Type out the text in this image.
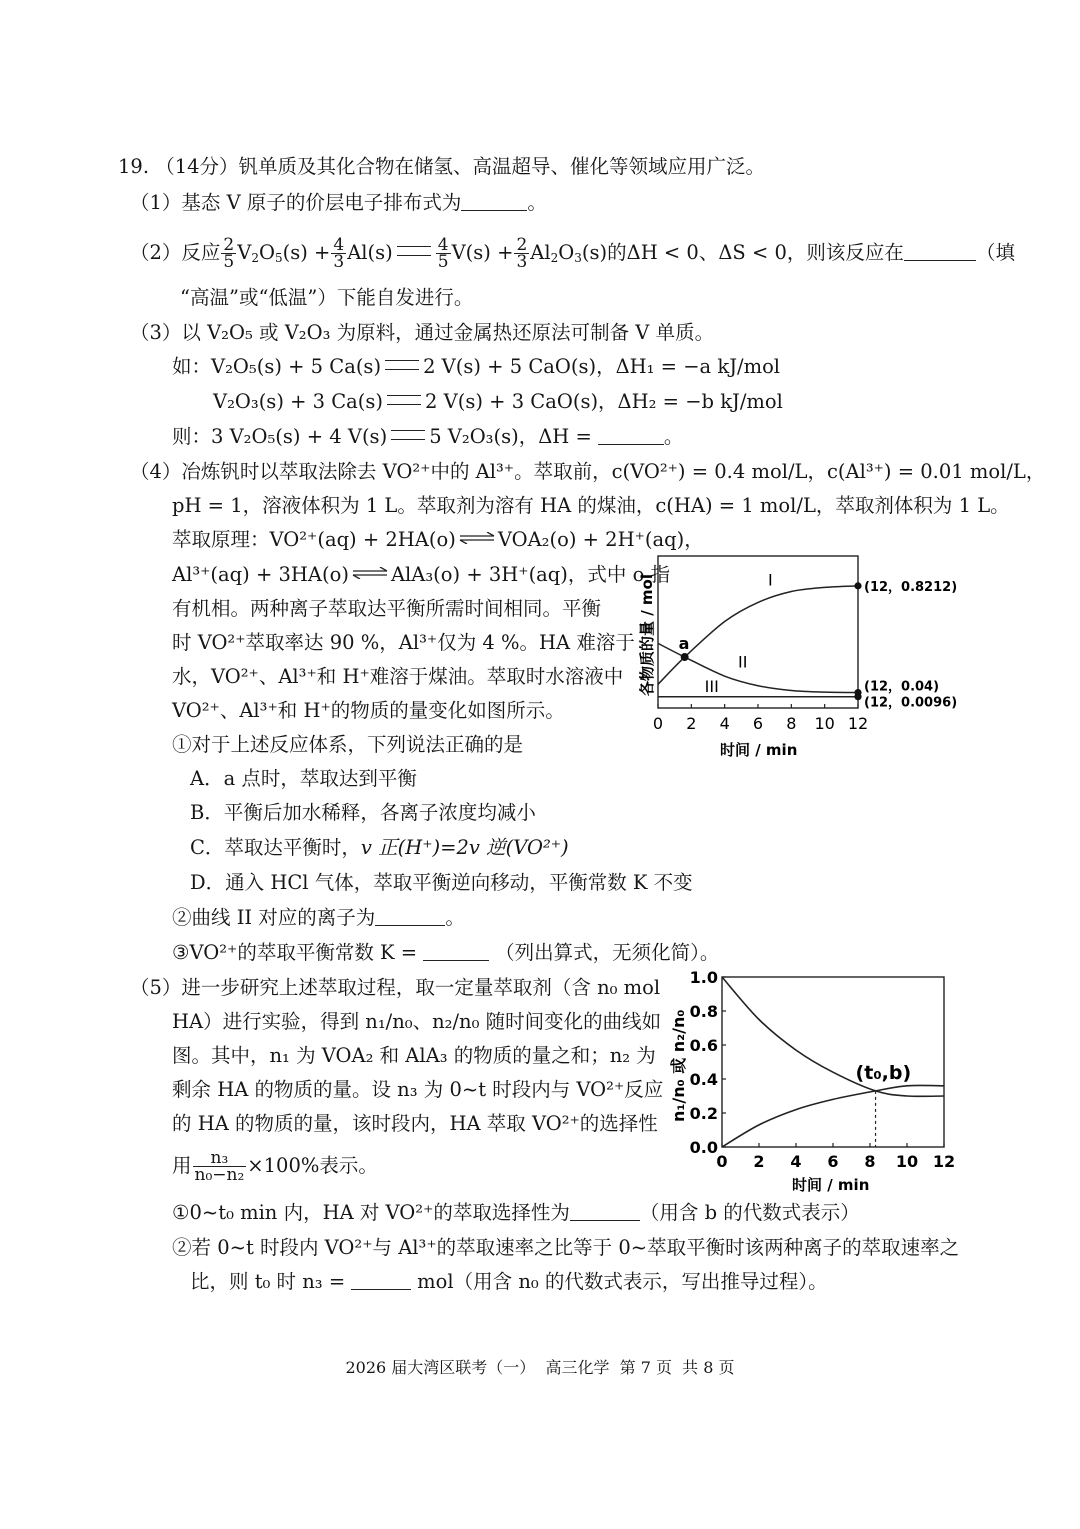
19. （14分）钒单质及其化合物在储氢、高温超导、催化等领域应用广泛。
（1）基态 V 原子的价层电子排布式为	。
（2）反应 $\frac{2}{5} V_2O_5(s) + \frac{4}{3} Al(s)$	$\frac{4}{5} V(s) + \frac{2}{3} Al_2O_3(s)$的ΔH < 0、ΔS < 0，则该反应在	（填
“高温”或“低温”）下能自发进行。
（3）以 V₂O₅ 或 V₂O₃ 为原料，通过金属热还原法可制备 V 单质。
如：V₂O₅(s) + 5 Ca(s) 2 V(s) + 5 CaO(s)，ΔH₁ = −a kJ/mol
V₂O₃(s) + 3 Ca(s) 2 V(s) + 3 CaO(s)，ΔH₂ = −b kJ/mol
则：3 V₂O₅(s) + 4 V(s) 5 V₂O₃(s)，ΔH =	。
（4）冶炼钒时以萃取法除去 VO²⁺中的 Al³⁺。萃取前，c(VO²⁺) = 0.4 mol/L，c(Al³⁺) = 0.01 mol/L，
pH = 1，溶液体积为 1 L。萃取剂为溶有 HA 的煤油，c(HA) = 1 mol/L，萃取剂体积为 1 L。
萃取原理：VO²⁺(aq) + 2HA(o) ⇌ VOA₂(o) + 2H⁺(aq)，
Al³⁺(aq) + 3HA(o) ⇌ AlA₃(o) + 3H⁺(aq)，式中 o 指
有机相。两种离子萃取达平衡所需时间相同。平衡
时 VO²⁺萃取率达 90 %，Al³⁺仅为 4 %。HA 难溶于
水，VO²⁺、Al³⁺和 H⁺难溶于煤油。萃取时水溶液中
VO²⁺、Al³⁺和 H⁺的物质的量变化如图所示。
①对于上述反应体系，下列说法正确的是
A．a 点时，萃取达到平衡
B．平衡后加水稀释，各离子浓度均减小
C．萃取达平衡时，v 正(H⁺)=2v 逆(VO²⁺)
D．通入 HCl 气体，萃取平衡逆向移动，平衡常数 K 不变
②曲线 II 对应的离子为	。
③VO²⁺的萃取平衡常数 K =	（列出算式，无须化简）。
（5）进一步研究上述萃取过程，取一定量萃取剂（含 n₀ mol
HA）进行实验，得到 n₁/n₀、n₂/n₀ 随时间变化的曲线如
图。其中，n₁ 为 VOA₂ 和 AlA₃ 的物质的量之和；n₂ 为
剩余 HA 的物质的量。设 n₃ 为 0~t 时段内与 VO²⁺反应
的 HA 的物质的量，该时段内，HA 萃取 VO²⁺的选择性
用 $\frac{\text{n₃}}{\text{n₀−n₂}} \times 100\%$表示。
①0~t₀ min 内，HA 对 VO²⁺的萃取选择性为	（用含 b 的代数式表示）
②若 0~t 时段内 VO²⁺与 Al³⁺的萃取速率之比等于 0~萃取平衡时该两种离子的萃取速率之
比，则 t₀ 时 n₃ =	mol（用含 n₀ 的代数式表示，写出推导过程）。
各物质的量 / mol
时间 / min
0 2 4 6 8 10 12
I	(12，0.8212)
II
(12，0.04)
III
(12，0.0096)
a
n₁/n₀ 或 n₂/n₀
时间 / min
0 2 4 6 8 10 12
0.0
0.2
0.4
0.6
0.8
1.0
(t₀,b)
2026 届大湾区联考（一）  高三化学  第 7 页  共 8 页
